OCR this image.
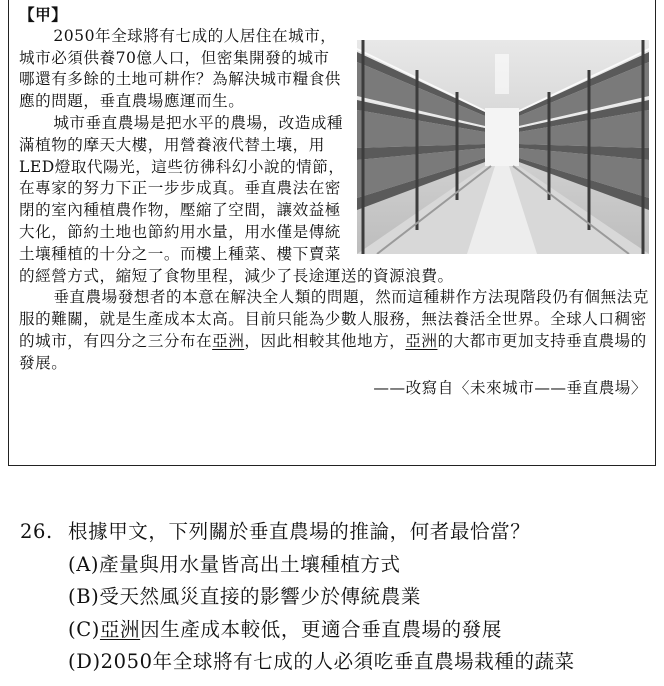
【甲】

2050年全球將有七成的人居住在城市，城市必須供養70億人口，但密集開發的城市哪還有多餘的土地可耕作？為解決城市糧食供應的問題，垂直農場應運而生。

城市垂直農場是把水平的農場，改造成種滿植物的摩天大樓，用營養液代替土壤，用LED燈取代陽光，這些彷彿科幻小說的情節，在專家的努力下正一步步成真。垂直農法在密閉的室內種植農作物，壓縮了空間，讓效益極大化，節約土地也節約用水量，用水僅是傳統土壤種植的十分之一。而樓上種菜、樓下賣菜的經營方式，縮短了食物里程，減少了長途運送的資源浪費。

垂直農場發想者的本意在解決全人類的問題，然而這種耕作方法現階段仍有個無法克服的難關，就是生產成本太高。目前只能為少數人服務，無法養活全世界。全球人口稠密的城市，有四分之三分布在亞洲，因此相較其他地方，亞洲的大都市更加支持垂直農場的發展。

——改寫自〈未來城市——垂直農場〉
26. 根據甲文，下列關於垂直農場的推論，何者最恰當？
(A)產量與用水量皆高出土壤種植方式
(B)受天然風災直接的影響少於傳統農業
(C)亞洲因生產成本較低，更適合垂直農場的發展
(D)2050年全球將有七成的人必須吃垂直農場栽種的蔬菜
